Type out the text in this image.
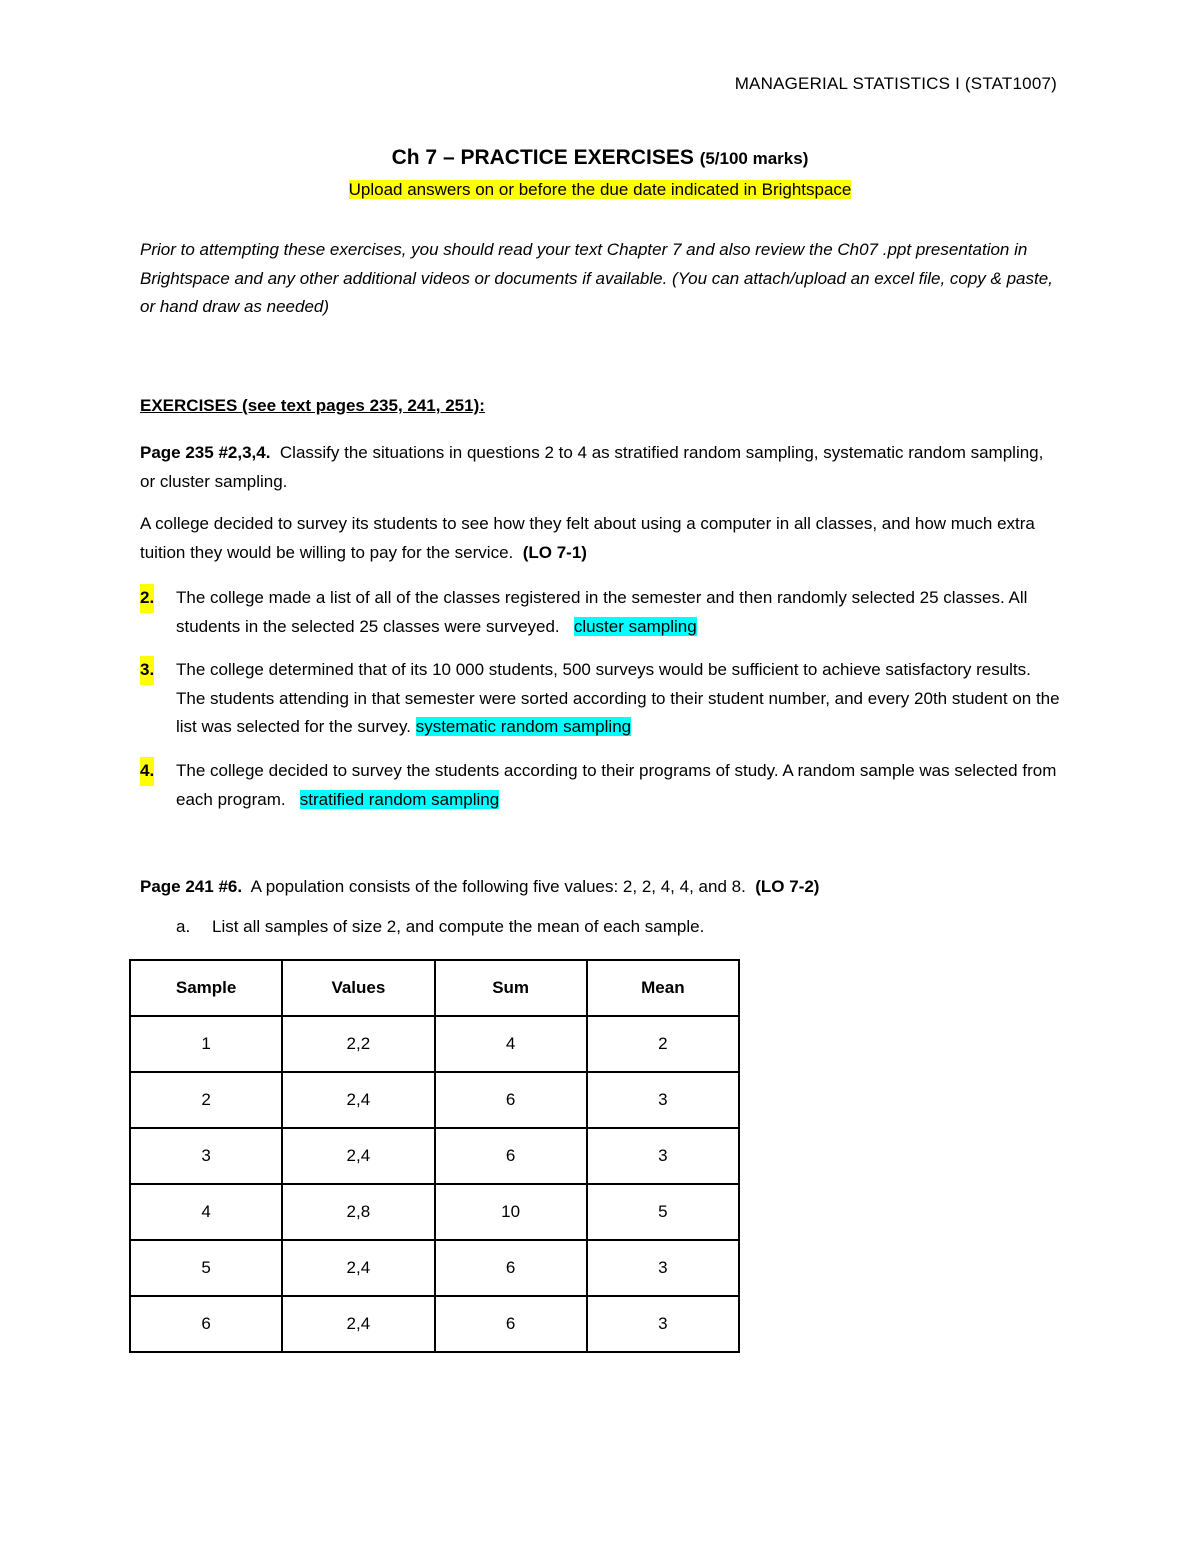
MANAGERIAL STATISTICS I (STAT1007)
Ch 7 – PRACTICE EXERCISES (5/100 marks)
Upload answers on or before the due date indicated in Brightspace
Prior to attempting these exercises, you should read your text Chapter 7 and also review the Ch07 .ppt presentation in Brightspace and any other additional videos or documents if available. (You can attach/upload an excel file, copy & paste, or hand draw as needed)
EXERCISES (see text pages 235, 241, 251):
Page 235 #2,3,4. Classify the situations in questions 2 to 4 as stratified random sampling, systematic random sampling, or cluster sampling.
A college decided to survey its students to see how they felt about using a computer in all classes, and how much extra tuition they would be willing to pay for the service. (LO 7-1)
2. The college made a list of all of the classes registered in the semester and then randomly selected 25 classes. All students in the selected 25 classes were surveyed. cluster sampling
3. The college determined that of its 10 000 students, 500 surveys would be sufficient to achieve satisfactory results. The students attending in that semester were sorted according to their student number, and every 20th student on the list was selected for the survey. systematic random sampling
4. The college decided to survey the students according to their programs of study. A random sample was selected from each program. stratified random sampling
Page 241 #6. A population consists of the following five values: 2, 2, 4, 4, and 8. (LO 7-2)
a. List all samples of size 2, and compute the mean of each sample.
Sample	Values	Sum	Mean
1	2,2	4	2
2	2,4	6	3
3	2,4	6	3
4	2,8	10	5
5	2,4	6	3
6	2,4	6	3
